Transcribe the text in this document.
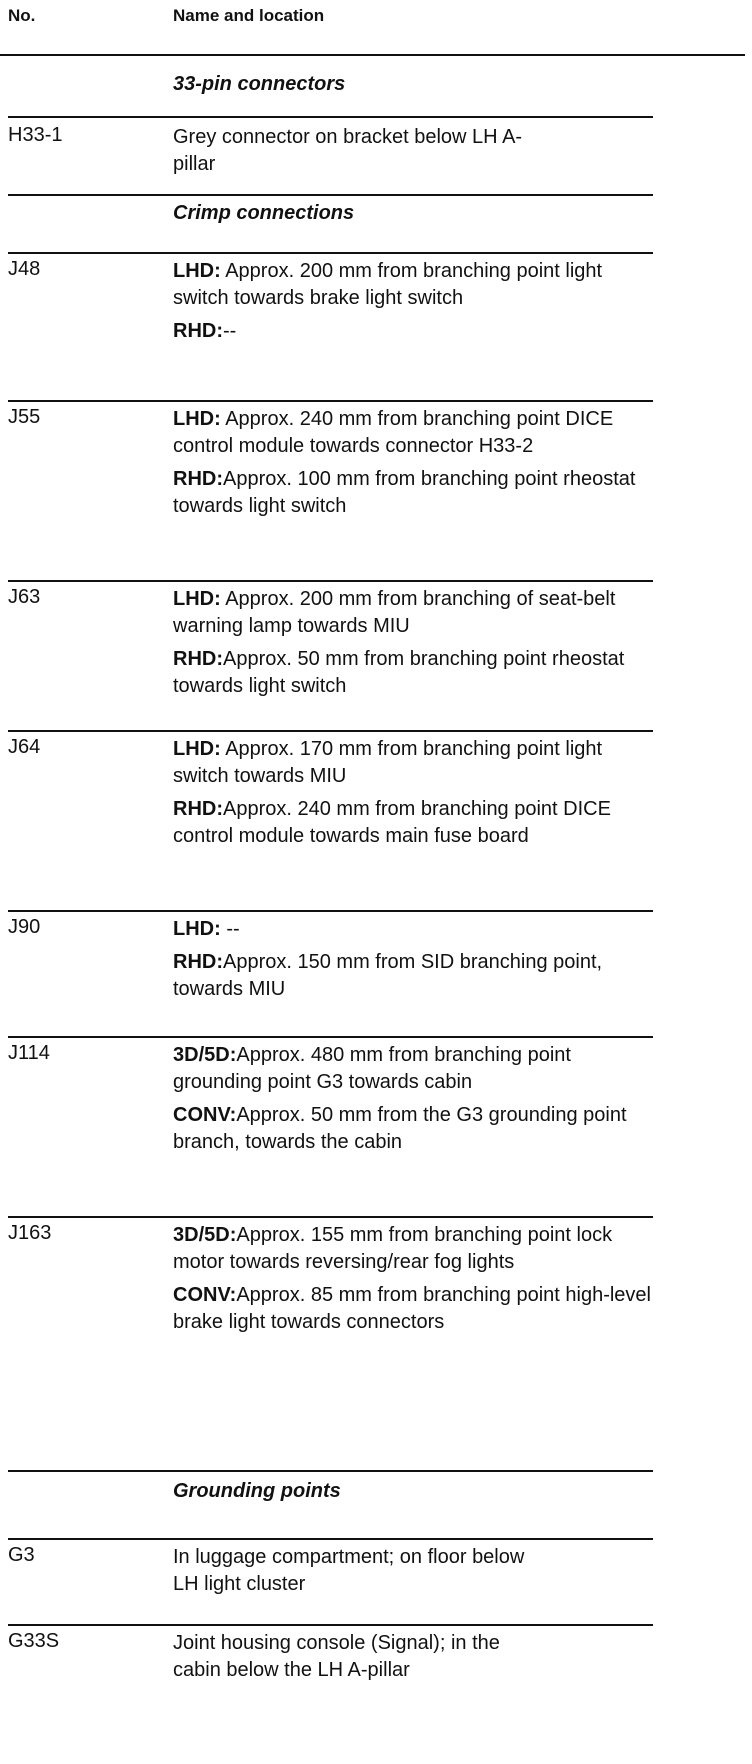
No.	Name and location
33-pin connectors
H33-1	Grey connector on bracket below LH A-
pillar
Crimp connections
J48	LHD: Approx. 200 mm from branching point light switch towards brake light switch

RHD:--

J55	LHD: Approx. 240 mm from branching point DICE control module towards connector H33-2

RHD:Approx. 100 mm from branching point rheostat towards light switch

J63	LHD: Approx. 200 mm from branching of seat-belt warning lamp towards MIU

RHD:Approx. 50 mm from branching point rheostat towards light switch

J64	LHD: Approx. 170 mm from branching point light switch towards MIU

RHD:Approx. 240 mm from branching point DICE control module towards main fuse board

J90	LHD: --

RHD:Approx. 150 mm from SID branching point, towards MIU

J114	3D/5D:Approx. 480 mm from branching point grounding point G3 towards cabin

CONV:Approx. 50 mm from the G3 grounding point branch, towards the cabin

J163	3D/5D:Approx. 155 mm from branching point lock motor towards reversing/rear fog lights

CONV:Approx. 85 mm from branching point high-level brake light towards connectors

Grounding points
G3	In luggage compartment; on floor below
LH light cluster
G33S	Joint housing console (Signal); in the
cabin below the LH A-pillar
